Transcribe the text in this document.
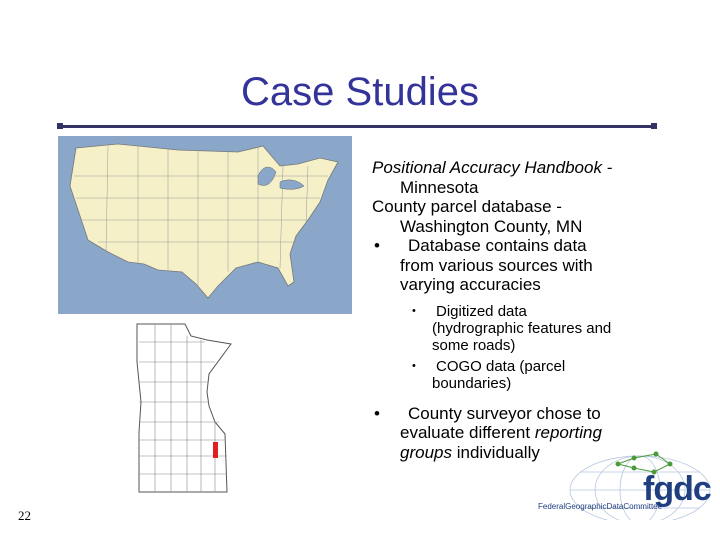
Case Studies

Positional Accuracy Handbook -

Minnesota

County parcel database -

Washington County, MN

•	Database contains data
from various sources with
varying accuracies
• Digitized data
(hydrographic features and
some roads)
• COGO data (parcel
boundaries)
•	County surveyor chose to
evaluate different reporting
groups individually
22
fgdc
FederalGeographicDataCommittee
